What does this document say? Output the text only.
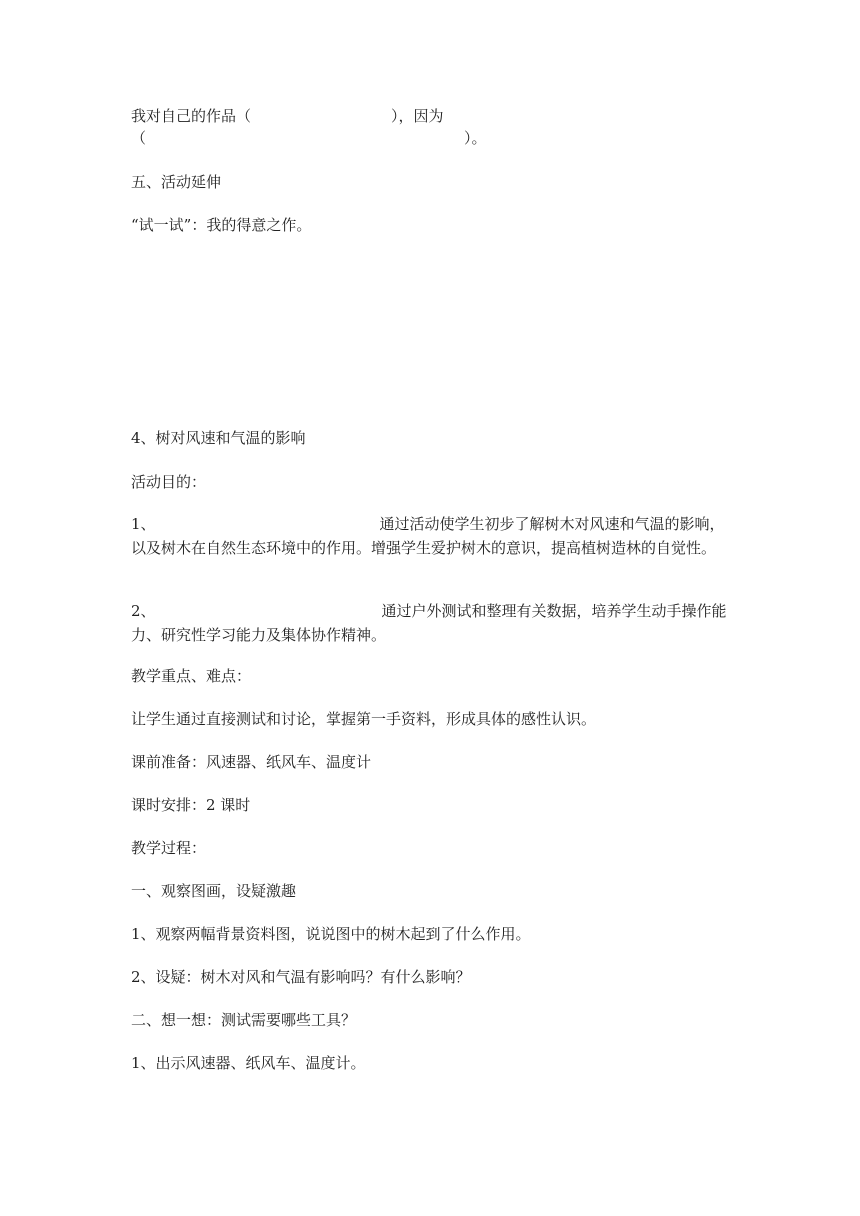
我对自己的作品（	），因为

（	）。

五、活动延伸

“试一试”：我的得意之作。

4、树对风速和气温的影响

活动目的：

1、	通过活动使学生初步了解树木对风速和气温的影响，以及树木在自然生态环境中的作用。增强学生爱护树木的意识，提高植树造林的自觉性。

2、	通过户外测试和整理有关数据，培养学生动手操作能力、研究性学习能力及集体协作精神。

教学重点、难点：

让学生通过直接测试和讨论，掌握第一手资料，形成具体的感性认识。

课前准备：风速器、纸风车、温度计

课时安排：2 课时

教学过程：

一、观察图画，设疑激趣

1、观察两幅背景资料图，说说图中的树木起到了什么作用。

2、设疑：树木对风和气温有影响吗？有什么影响？

二、想一想：测试需要哪些工具？

1、出示风速器、纸风车、温度计。
